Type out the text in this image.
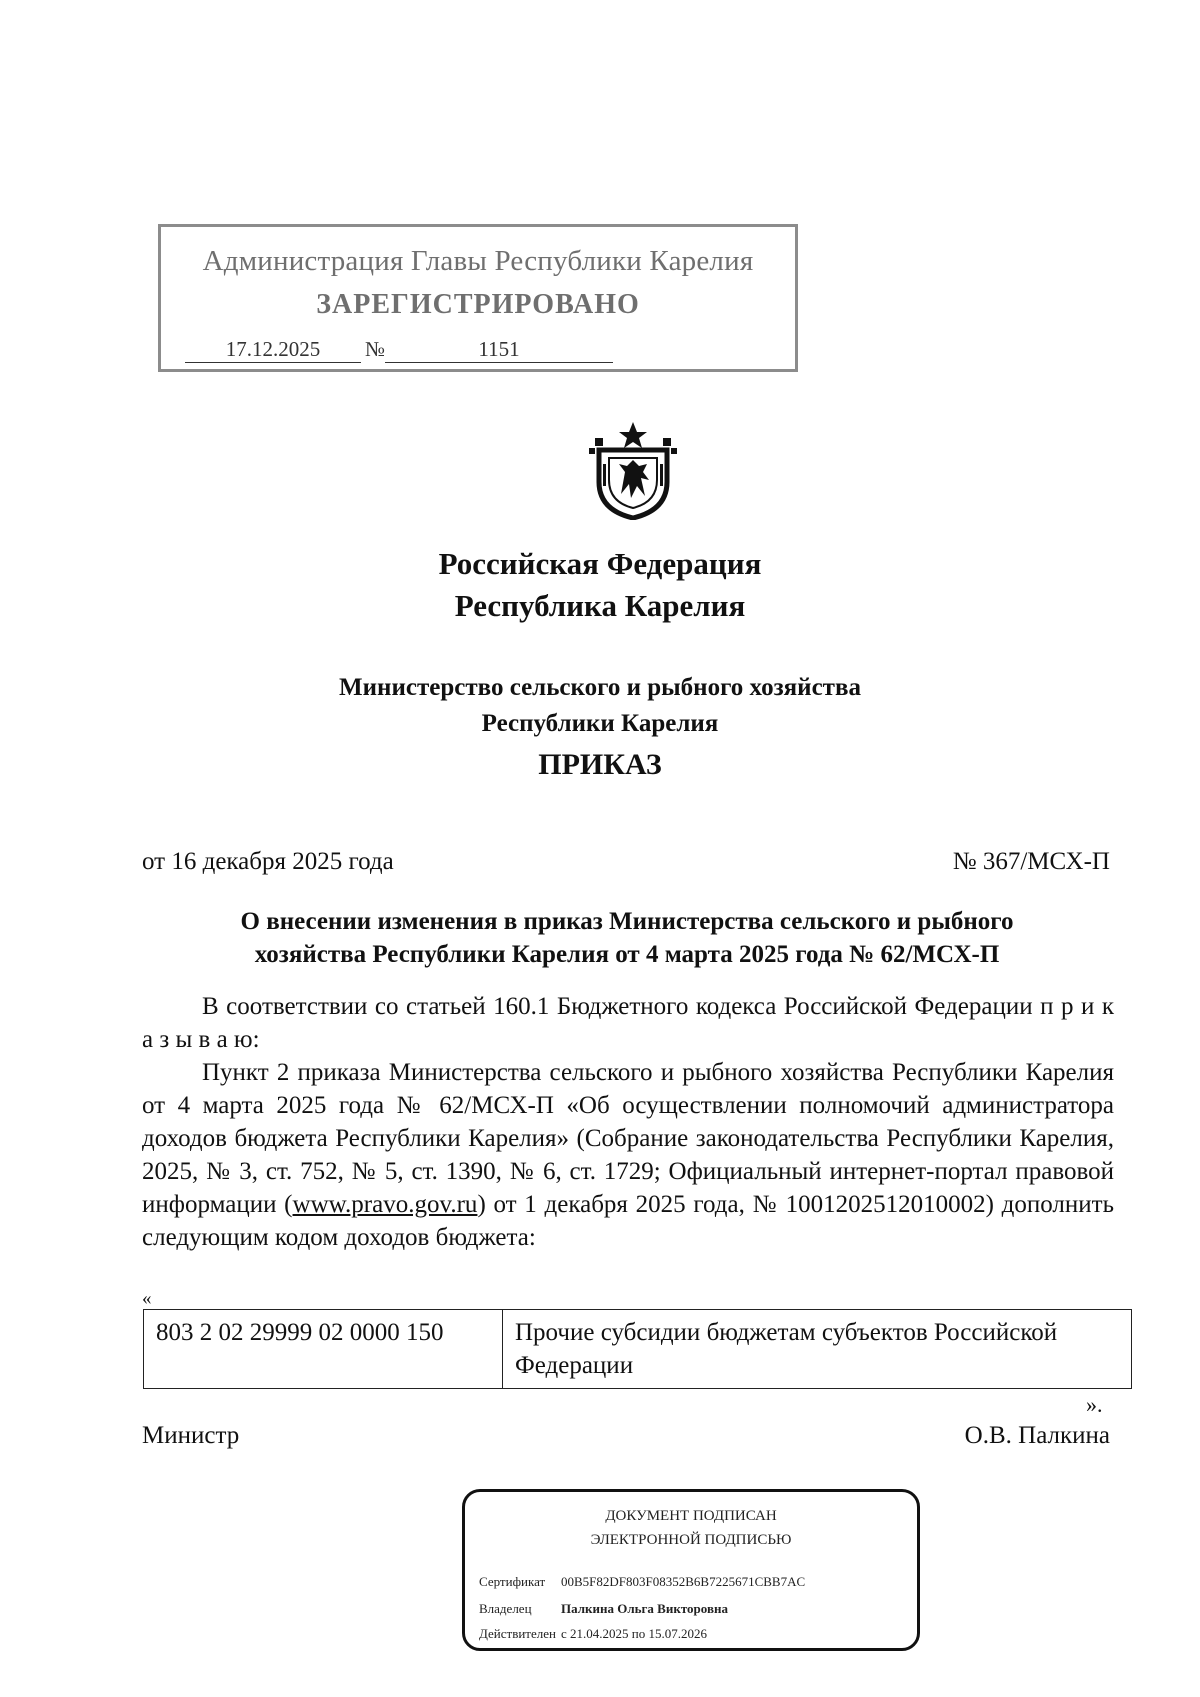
Администрация Главы Республики Карелия
ЗАРЕГИСТРИРОВАНО
17.12.2025 №	1151
Российская Федерация
Республика Карелия
Министерство сельского и рыбного хозяйства
Республики Карелия
ПРИКАЗ
от 16 декабря 2025 года	№ 367/МСХ-П
О внесении изменения в приказ Министерства сельского и рыбного
хозяйства Республики Карелия от 4 марта 2025 года № 62/МСХ-П

В соответствии со статьей 160.1 Бюджетного кодекса Российской Федерации п р и к а з ы в а ю:

Пункт 2 приказа Министерства сельского и рыбного хозяйства Республики Карелия от 4 марта 2025 года № 62/МСХ-П «Об осуществлении полномочий администратора доходов бюджета Республики Карелия» (Собрание законодательства Республики Карелия, 2025, № 3, ст. 752, № 5, ст. 1390, № 6, ст. 1729; Официальный интернет-портал правовой информации (www.pravo.gov.ru) от 1 декабря 2025 года, № 1001202512010002) дополнить следующим кодом доходов бюджета:

«
803 2 02 29999 02 0000 150	Прочие субсидии бюджетам субъектов Российской Федерации
».
Министр	О.В. Палкина
ДОКУМЕНТ ПОДПИСАН
ЭЛЕКТРОННОЙ ПОДПИСЬЮ
Сертификат 00B5F82DF803F08352B6B7225671CBB7AC
Владелец Палкина Ольга Викторовна
Действителен с 21.04.2025 по 15.07.2026
